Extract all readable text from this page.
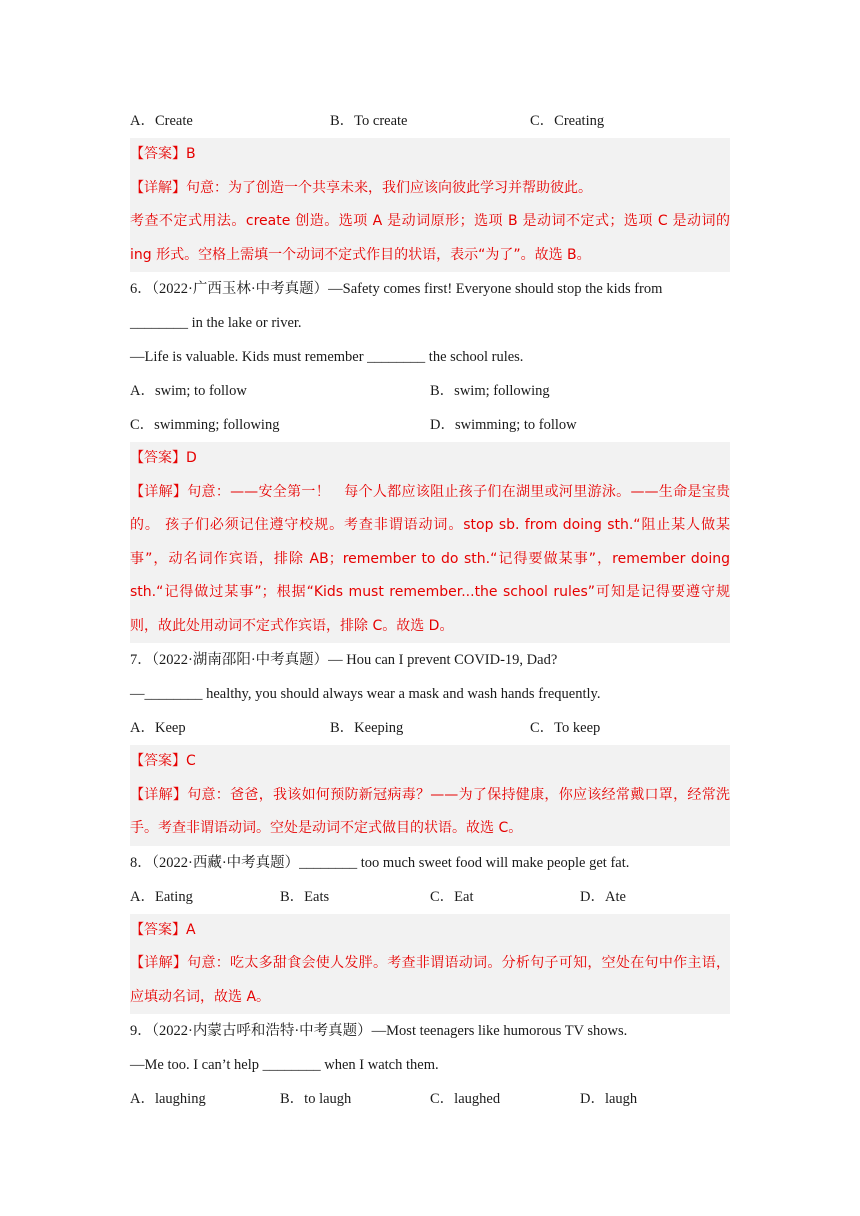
A．Create	B．To create	C．Creating
【答案】B
【详解】句意：为了创造一个共享未来，我们应该向彼此学习并帮助彼此。
考查不定式用法。create 创造。选项 A 是动词原形；选项 B 是动词不定式；选项 C 是动词的 ing 形式。空格上需填一个动词不定式作目的状语，表示“为了”。故选 B。
6．（2022·广西玉林·中考真题）—Safety comes first! Everyone should stop the kids from
________ in the lake or river.
—Life is valuable. Kids must remember ________ the school rules.
A．swim; to follow	B．swim; following
C．swimming; following	D．swimming; to follow
【答案】D
【详解】句意：——安全第一！　每个人都应该阻止孩子们在湖里或河里游泳。——生命是宝贵的。 孩子们必须记住遵守校规。考查非谓语动词。stop sb. from doing sth.“阻止某人做某事”，动名词作宾语，排除 AB；remember to do sth.“记得要做某事”，remember doing sth.“记得做过某事”；根据“Kids must remember...the school rules”可知是记得要遵守规则，故此处用动词不定式作宾语，排除 C。故选 D。
7．（2022·湖南邵阳·中考真题）— Hou can I prevent COVID-19, Dad?
—________ healthy, you should always wear a mask and wash hands frequently.
A．Keep	B．Keeping	C．To keep
【答案】C
【详解】句意：爸爸，我该如何预防新冠病毒？——为了保持健康，你应该经常戴口罩，经常洗手。考查非谓语动词。空处是动词不定式做目的状语。故选 C。
8．（2022·西藏·中考真题）________ too much sweet food will make people get fat.
A．Eating	B．Eats	C．Eat	D．Ate
【答案】A
【详解】句意：吃太多甜食会使人发胖。考查非谓语动词。分析句子可知，空处在句中作主语，应填动名词，故选 A。
9．（2022·内蒙古呼和浩特·中考真题）—Most teenagers like humorous TV shows.
—Me too. I can’t help ________ when I watch them.
A．laughing	B．to laugh	C．laughed	D．laugh
